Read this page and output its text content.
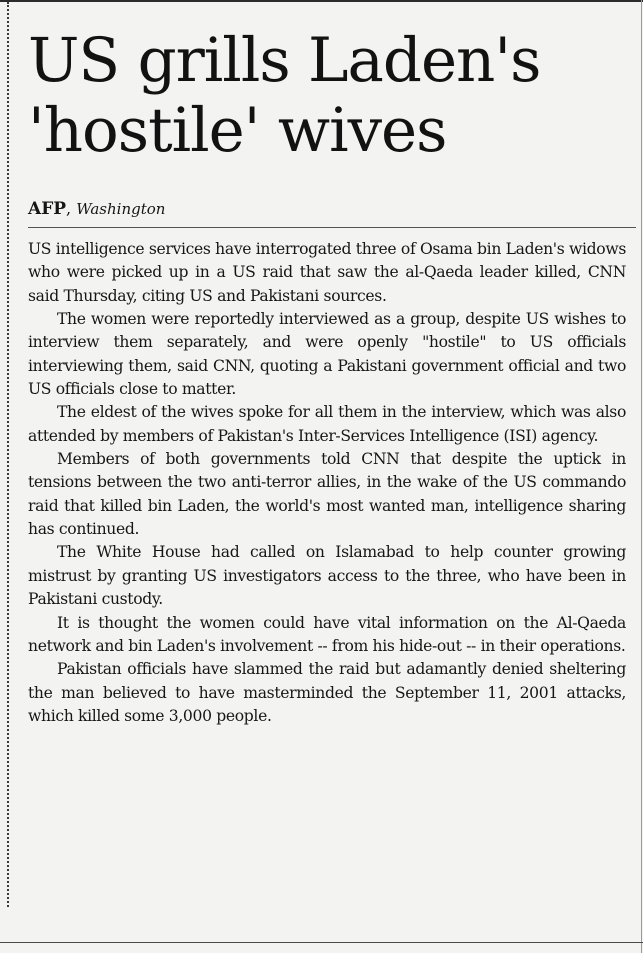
US grills Laden's
'hostile' wives
AFP, Washington

US intelligence services have interrogated three of Osama bin Laden's widows who were picked up in a US raid that saw the al-Qaeda leader killed, CNN said Thursday, citing US and Pakistani sources.

The women were reportedly interviewed as a group, despite US wishes to interview them separately, and were openly "hostile" to US officials interviewing them, said CNN, quoting a Pakistani government official and two US officials close to matter.

The eldest of the wives spoke for all them in the interview, which was also attended by members of Pakistan's Inter-Services Intelligence (ISI) agency.

Members of both governments told CNN that despite the uptick in tensions between the two anti-terror allies, in the wake of the US commando raid that killed bin Laden, the world's most wanted man, intelligence sharing has continued.

The White House had called on Islamabad to help counter growing mistrust by granting US investigators access to the three, who have been in Pakistani custody.

It is thought the women could have vital information on the Al-Qaeda network and bin Laden's involvement -- from his hide-out -- in their operations.

Pakistan officials have slammed the raid but adamantly denied sheltering the man believed to have masterminded the September 11, 2001 attacks, which killed some 3,000 people.
